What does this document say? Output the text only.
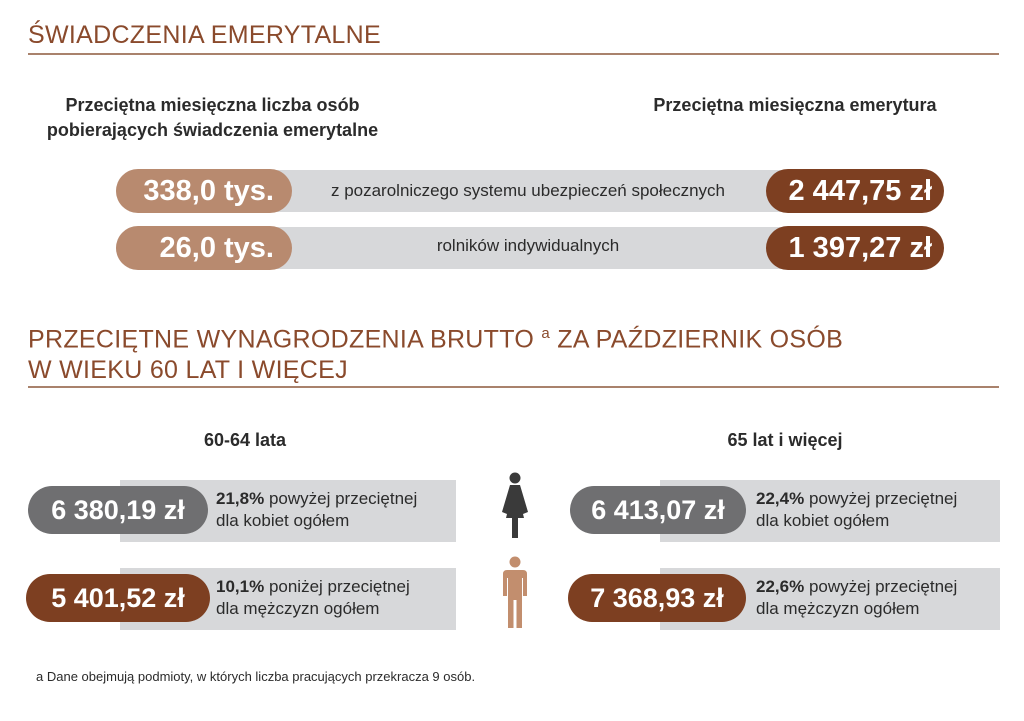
ŚWIADCZENIA EMERYTALNE
Przeciętna miesięczna liczba osób
pobierających świadczenia emerytalne
Przeciętna miesięczna emerytura
z pozarolniczego systemu ubezpieczeń społecznych
338,0 tys.	2 447,75 zł
rolników indywidualnych
26,0 tys.	1 397,27 zł
PRZECIĘTNE WYNAGRODZENIA BRUTTO $^a$ ZA PAŹDZIERNIK OSÓB
W WIEKU 60 LAT I WIĘCEJ
60-64 lata	65 lat i więcej
6 380,19 zł	21,8% powyżej przeciętnej
dla kobiet ogółem
5 401,52 zł	10,1% poniżej przeciętnej
dla mężczyzn ogółem
6 413,07 zł	22,4% powyżej przeciętnej
dla kobiet ogółem
7 368,93 zł	22,6% powyżej przeciętnej
dla mężczyzn ogółem
a Dane obejmują podmioty, w których liczba pracujących przekracza 9 osób.
